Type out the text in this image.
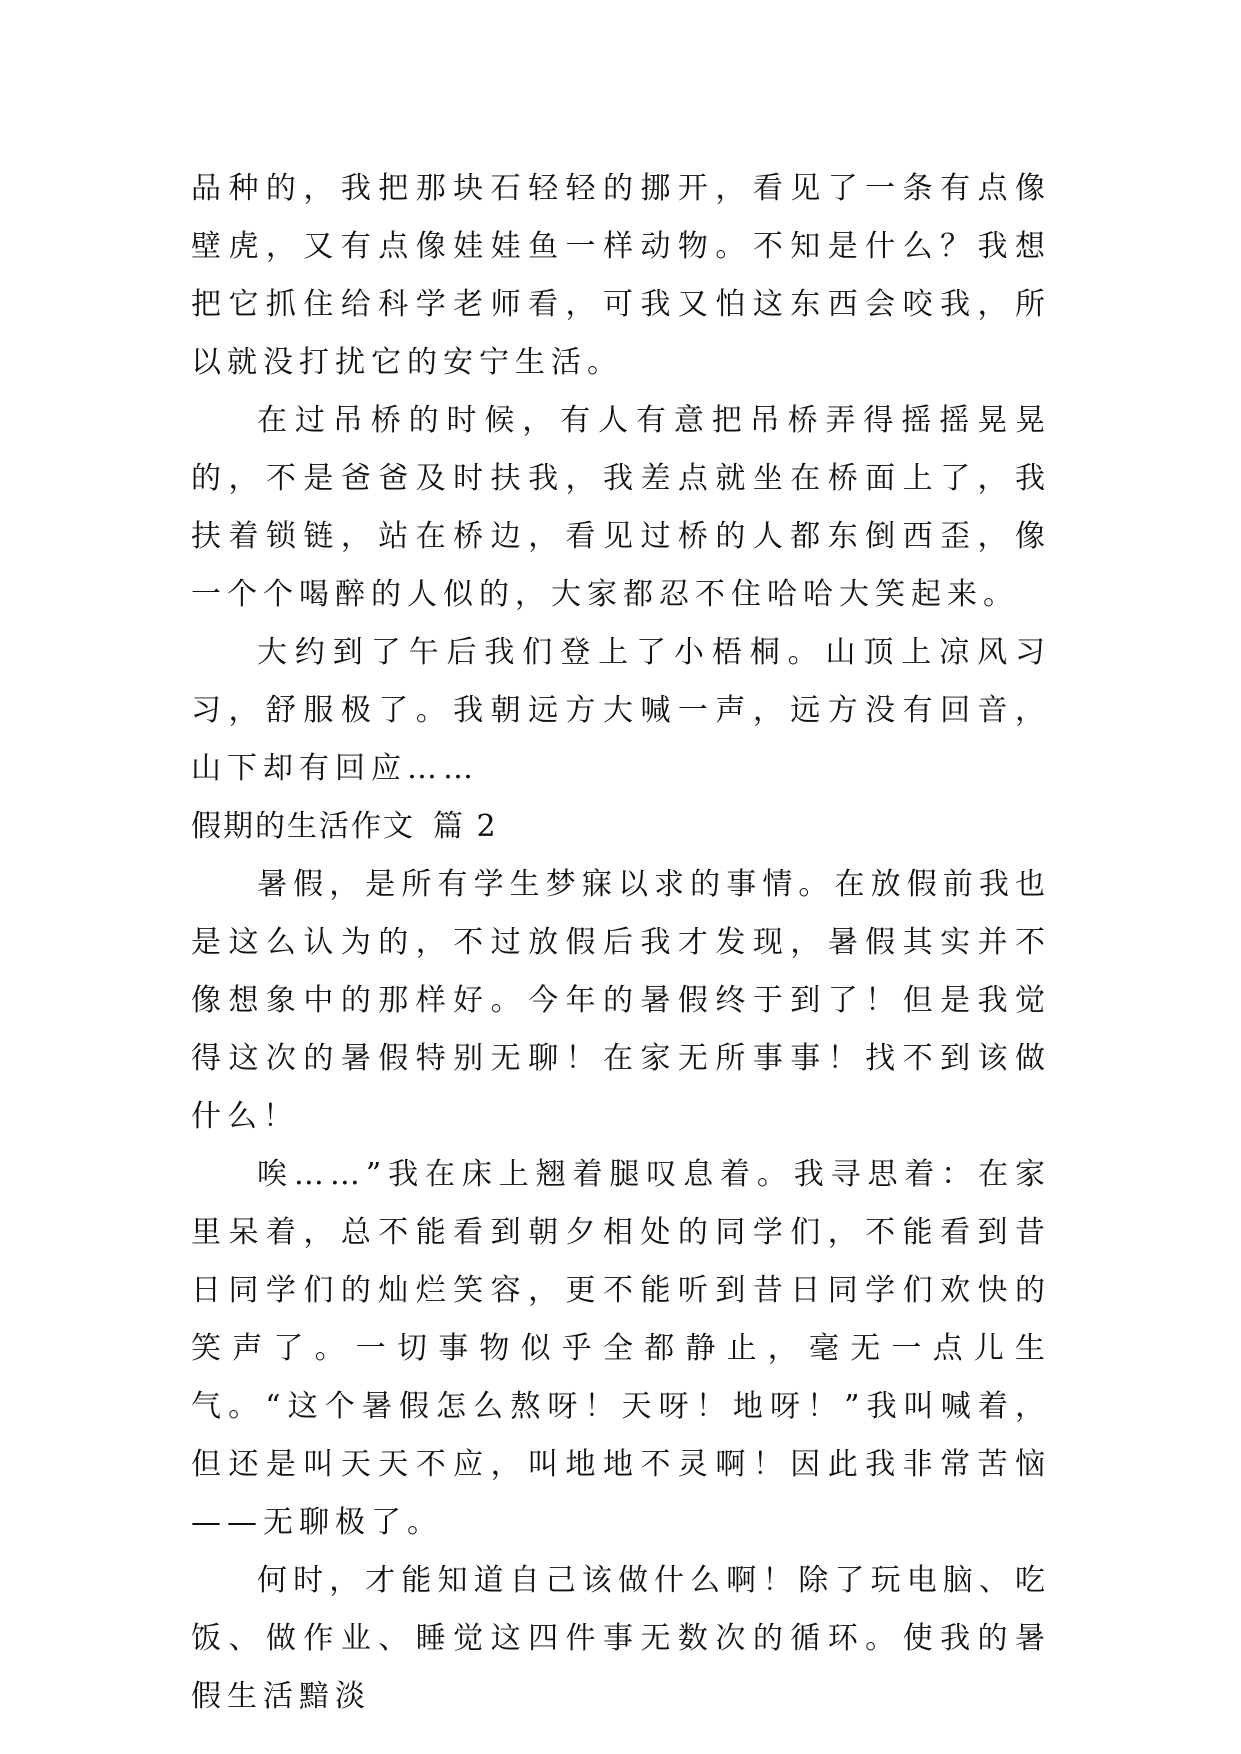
品种的，我把那块石轻轻的挪开，看见了一条有点像壁虎，又有点像娃娃鱼一样动物。不知是什么？我想把它抓住给科学老师看，可我又怕这东西会咬我，所以就没打扰它的安宁生活。

在过吊桥的时候，有人有意把吊桥弄得摇摇晃晃的，不是爸爸及时扶我，我差点就坐在桥面上了，我扶着锁链，站在桥边，看见过桥的人都东倒西歪，像一个个喝醉的人似的，大家都忍不住哈哈大笑起来。

大约到了午后我们登上了小梧桐。山顶上凉风习习，舒服极了。我朝远方大喊一声，远方没有回音，山下却有回应……

假期的生活作文 篇 2

暑假，是所有学生梦寐以求的事情。在放假前我也是这么认为的，不过放假后我才发现，暑假其实并不像想象中的那样好。今年的暑假终于到了！但是我觉得这次的暑假特别无聊！在家无所事事！找不到该做什么！

唉……”我在床上翘着腿叹息着。我寻思着：在家里呆着，总不能看到朝夕相处的同学们，不能看到昔日同学们的灿烂笑容，更不能听到昔日同学们欢快的笑声了。一切事物似乎全都静止，毫无一点儿生气。“这个暑假怎么熬呀！天呀！地呀！”我叫喊着，但还是叫天天不应，叫地地不灵啊！因此我非常苦恼——无聊极了。

何时，才能知道自己该做什么啊！除了玩电脑、吃饭、做作业、睡觉这四件事无数次的循环。使我的暑假生活黯淡
